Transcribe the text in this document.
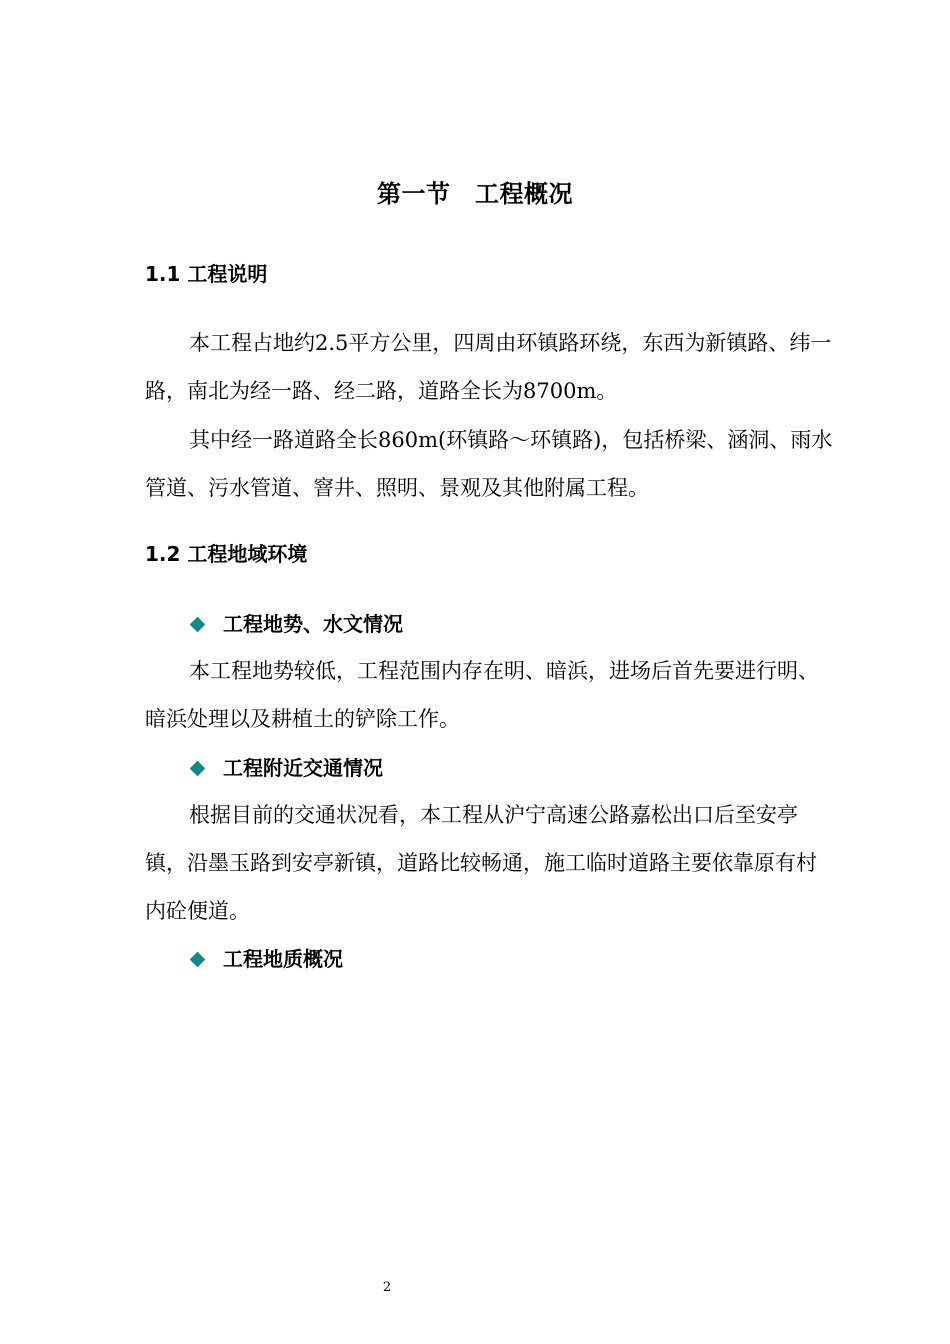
第一节　工程概况
1.1 工程说明
本工程占地约2.5平方公里，四周由环镇路环绕，东西为新镇路、纬一路，南北为经一路、经二路，道路全长为8700m。
其中经一路道路全长860m(环镇路～环镇路)，包括桥梁、涵洞、雨水管道、污水管道、窨井、照明、景观及其他附属工程。
1.2 工程地域环境
工程地势、水文情况
本工程地势较低，工程范围内存在明、暗浜，进场后首先要进行明、暗浜处理以及耕植土的铲除工作。
工程附近交通情况
根据目前的交通状况看，本工程从沪宁高速公路嘉松出口后至安亭镇，沿墨玉路到安亭新镇，道路比较畅通，施工临时道路主要依靠原有村内砼便道。
工程地质概况
2
